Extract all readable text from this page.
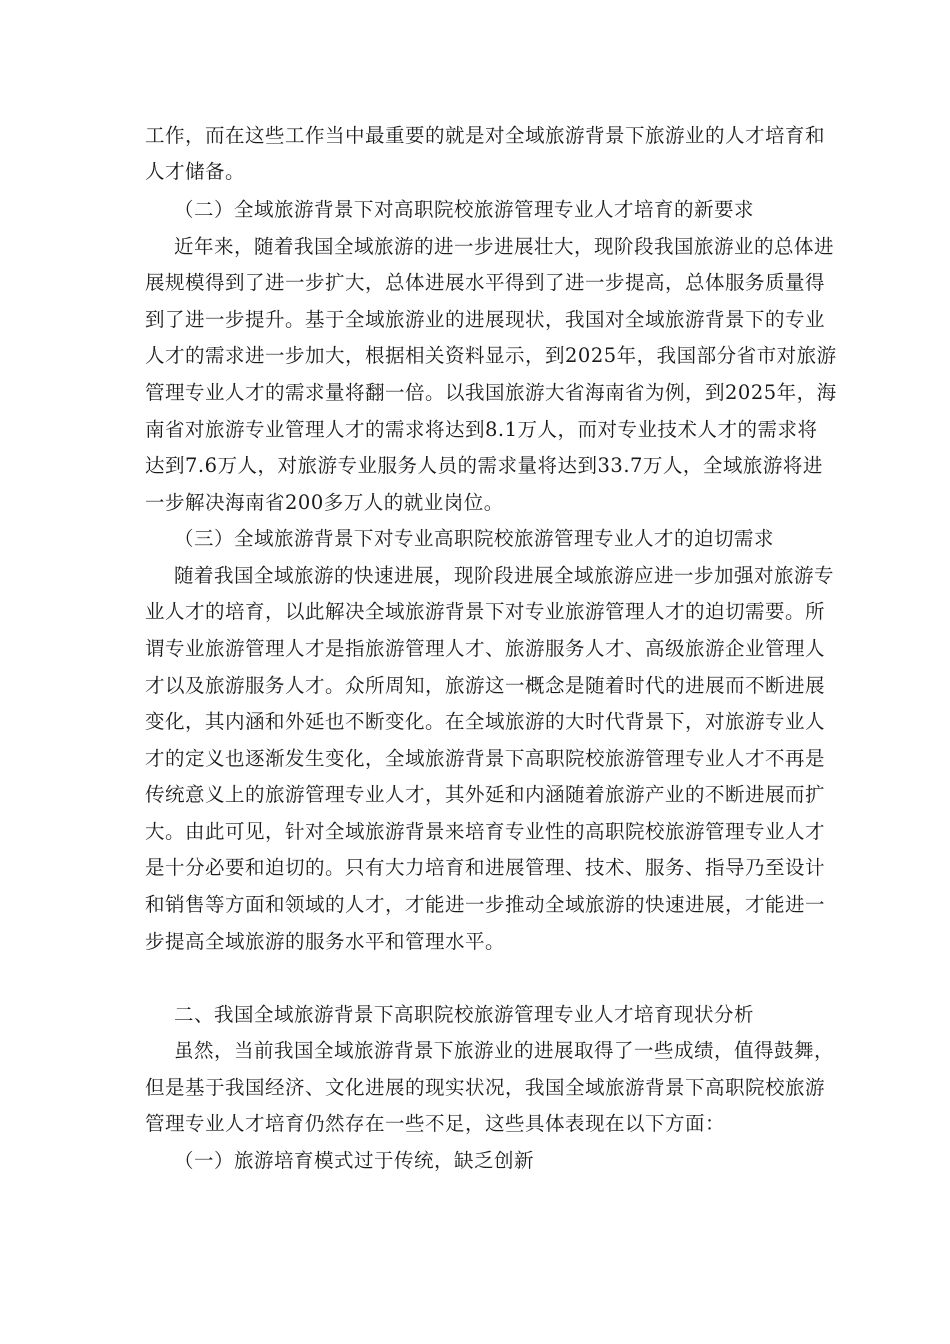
工作，而在这些工作当中最重要的就是对全域旅游背景下旅游业的人才培育和
人才储备。
（二）全域旅游背景下对高职院校旅游管理专业人才培育的新要求
近年来，随着我国全域旅游的进一步进展壮大，现阶段我国旅游业的总体进
展规模得到了进一步扩大，总体进展水平得到了进一步提高，总体服务质量得
到了进一步提升。基于全域旅游业的进展现状，我国对全域旅游背景下的专业
人才的需求进一步加大，根据相关资料显示，到2025年，我国部分省市对旅游
管理专业人才的需求量将翻一倍。以我国旅游大省海南省为例，到2025年，海
南省对旅游专业管理人才的需求将达到8.1万人，而对专业技术人才的需求将
达到7.6万人，对旅游专业服务人员的需求量将达到33.7万人，全域旅游将进
一步解决海南省200多万人的就业岗位。
（三）全域旅游背景下对专业高职院校旅游管理专业人才的迫切需求
随着我国全域旅游的快速进展，现阶段进展全域旅游应进一步加强对旅游专
业人才的培育，以此解决全域旅游背景下对专业旅游管理人才的迫切需要。所
谓专业旅游管理人才是指旅游管理人才、旅游服务人才、高级旅游企业管理人
才以及旅游服务人才。众所周知，旅游这一概念是随着时代的进展而不断进展
变化，其内涵和外延也不断变化。在全域旅游的大时代背景下，对旅游专业人
才的定义也逐渐发生变化，全域旅游背景下高职院校旅游管理专业人才不再是
传统意义上的旅游管理专业人才，其外延和内涵随着旅游产业的不断进展而扩
大。由此可见，针对全域旅游背景来培育专业性的高职院校旅游管理专业人才
是十分必要和迫切的。只有大力培育和进展管理、技术、服务、指导乃至设计
和销售等方面和领域的人才，才能进一步推动全域旅游的快速进展，才能进一
步提高全域旅游的服务水平和管理水平。
二、我国全域旅游背景下高职院校旅游管理专业人才培育现状分析
虽然，当前我国全域旅游背景下旅游业的进展取得了一些成绩，值得鼓舞，
但是基于我国经济、文化进展的现实状况，我国全域旅游背景下高职院校旅游
管理专业人才培育仍然存在一些不足，这些具体表现在以下方面：
（一）旅游培育模式过于传统，缺乏创新
